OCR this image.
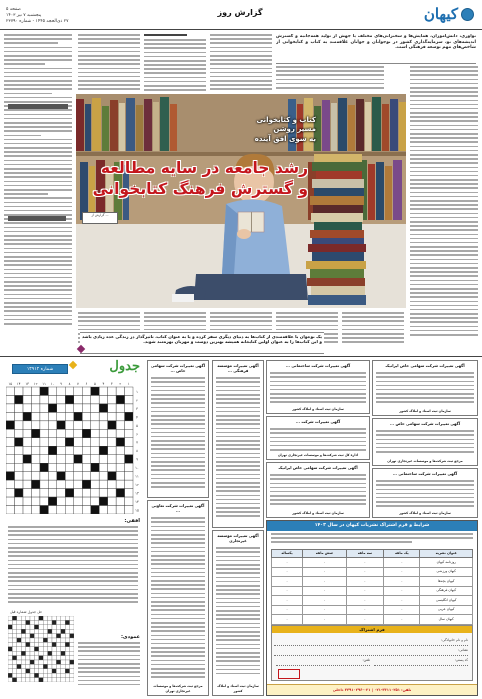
صفحه ۵
پنجشنبه ۷ تیر ۱۴۰۳
۲۷ ذی‌الحجه ۱۴۴۵ - شماره ۲۳۷۹۰
گزارش روز	کیهان
نوآوری، دانش‌آموزان، همایش‌ها و سخنرانی‌های مختلف با جهش از تولید همه‌جانبه و گسترش اندیشه‌های نو، سرمایه‌گذاری کشور در نوجوانان و جوانان علاقه‌مند به کتاب و کتابخوانی از شاخص‌های مهم توسعه فرهنگی است.
کتاب و کتابخوانی
مسیر روشن
به سوی افق آینده
رشد جامعه در سایه مطالعه
و گسترش فرهنگ کتابخوانی
گزارش از ...
یک نوجوان با علاقه‌مندی از کتاب‌ها به دنیای دیگری سفر کرده و یا به عنوان کتاب، تاثیرگذار در زندگی عده زیادی باشد و این کتاب‌ها را به عنوان اولین کتابخانه همیشه بهترین دوست و مهربان بهره‌مند شوند.
شماره ۱۳۹۱۲	جدول
۱
۲
۳
۴
۵
۶
۷
۸
۹
۱۰
۱۱
۱۲
۱۳
۱۴
۱۵
۱
۲
۳
۴
۵
۶
۷
۸
۹
۱۰
۱۱
۱۲
۱۳
۱۴
۱۵
افقی:
حل جدول شماره قبل
عمودی:
آگهی تغییرات شرکت سهامی خاص ...
آگهی تغییرات شرکت تعاونی ...
مرجع ثبت شرکت‌ها و موسسات غیرتجاری تهران
آگهی تغییرات موسسه فرهنگی ...
آگهی تغییرات موسسه غیرتجاری
سازمان ثبت اسناد و املاک کشور
آگهی تغییرات شرکت ساختمانی ...
سازمان ثبت اسناد و املاک کشور
آگهی تغییرات شرکت ...
اداره کل ثبت شرکت‌ها و موسسات غیرتجاری تهران
آگهی تغییرات شرکت سهامی خاص ایرانیک
سازمان ثبت اسناد و املاک کشور
آگهی تغییرات شرکت سهامی خاص ایرانیک
سازمان ثبت اسناد و املاک کشور
آگهی تغییرات شرکت سهامی خاص ...
مرجع ثبت شرکت‌ها و موسسات غیرتجاری تهران
آگهی تغییرات شرکت ساختمانی ...
سازمان ثبت اسناد و املاک کشور
شرایط و فرم اشتراک نشریات کیهان در سال ۱۴۰۳
عنوان نشریه	یک ماهه	سه ماهه	شش ماهه	یکساله
روزنامه کیهان	۰	۰	۰	۰
کیهان ورزشی	۰	۰	۰	۰
کیهان بچه‌ها	۰	۰	۰	۰
کیهان فرهنگی	۰	۰	۰	۰
کیهان انگلیسی	۰	۰	۰	۰
کیهان عربی	۰	۰	۰	۰
کیهان سال	۰	۰	۰	۰
فرم اشتراک
نام و نام خانوادگی:
نشانی:
کد پستی:
تلفن:
تلفن: ۳۳۱۱۰۲۵۱-۰۲۱ | ۰۲۱-۳۳۹۱۰۲۹۶ داخلی
